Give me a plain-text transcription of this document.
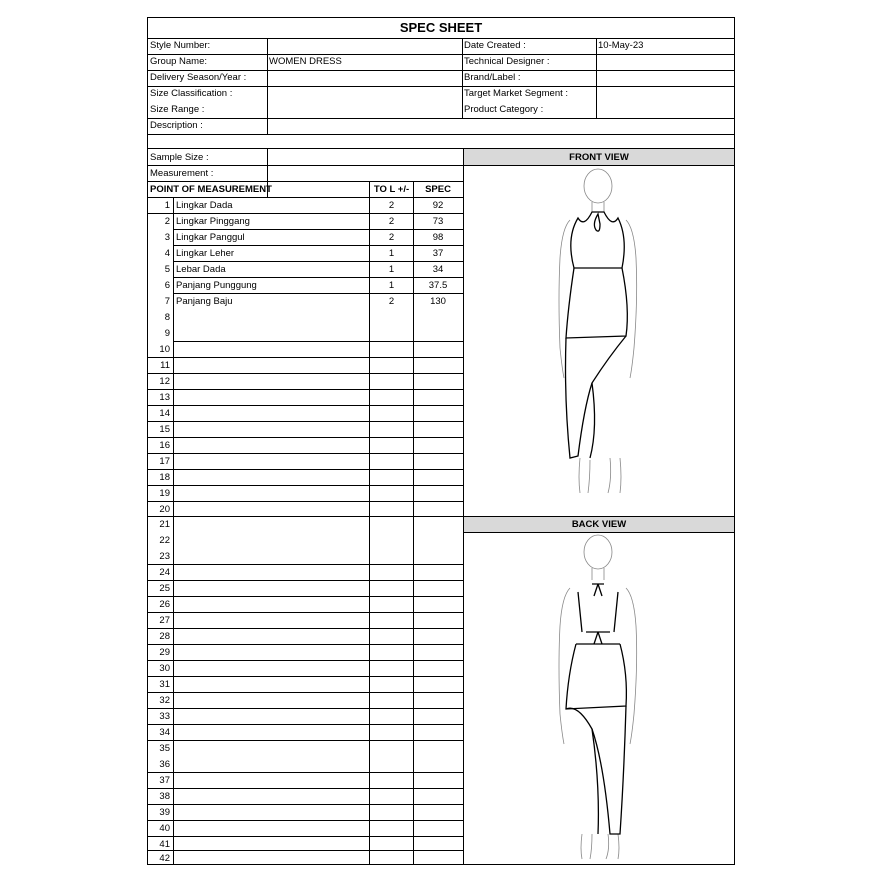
SPEC SHEET
Style Number:
Group Name:	WOMEN DRESS
Delivery Season/Year :
Size Classification :
Size Range :
Description :
Date Created :	10-May-23
Technical Designer :
Brand/Label :
Target Market Segment :
Product Category :
Sample Size :
Measurement :
POINT OF MEASUREMENT	TO L +/-	SPEC
1 Lingkar Dada	2	92
2 Lingkar Pinggang	2	73
3 Lingkar Panggul	2	98
4 Lingkar Leher	1	37
5 Lebar Dada	1	34
6 Panjang Punggung	1	37.5
7 Panjang Baju	2	130
8
9
10
11
12
13
14
15
16
17
18
19
20
21
22
23
24
25
26
27
28
29
30
31
32
33
34
35
36
37
38
39
40
41
42
FRONT VIEW
BACK VIEW
